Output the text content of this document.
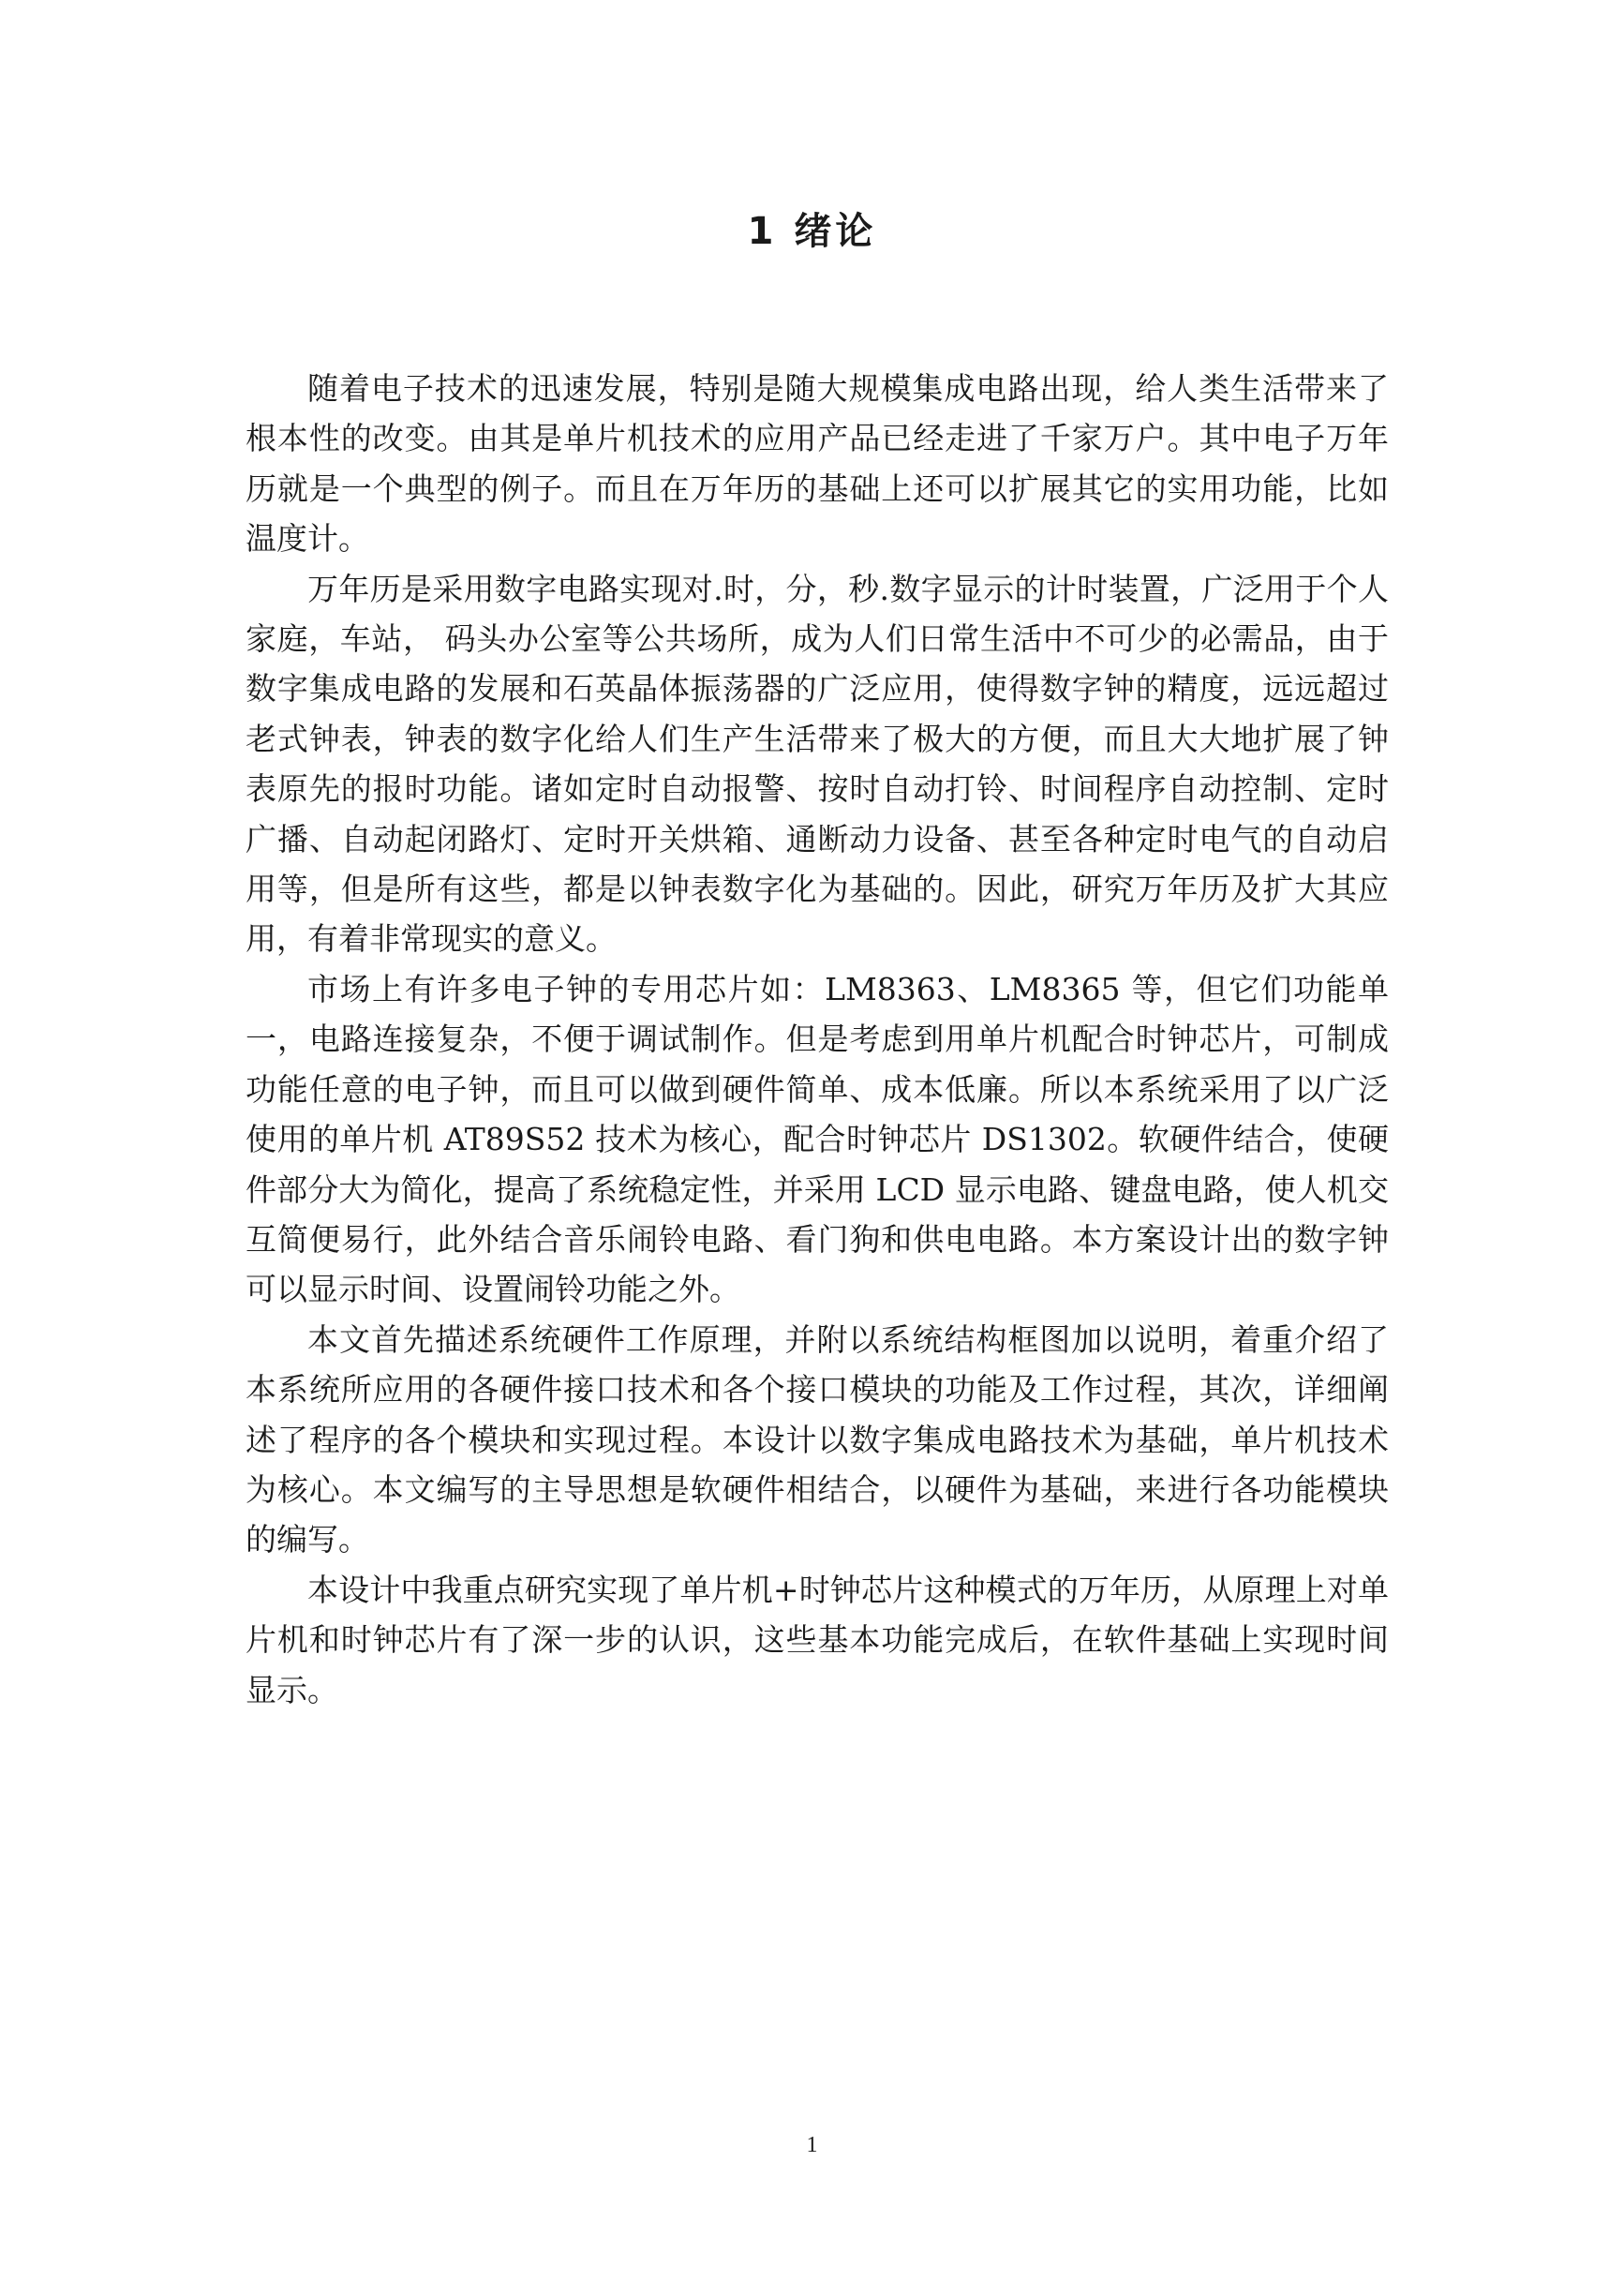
1 绪论

随着电子技术的迅速发展，特别是随大规模集成电路出现，给人类生活带来了根本性的改变。由其是单片机技术的应用产品已经走进了千家万户。其中电子万年历就是一个典型的例子。而且在万年历的基础上还可以扩展其它的实用功能，比如温度计。

万年历是采用数字电路实现对.时，分，秒.数字显示的计时装置，广泛用于个人家庭，车站， 码头办公室等公共场所，成为人们日常生活中不可少的必需品，由于数字集成电路的发展和石英晶体振荡器的广泛应用，使得数字钟的精度，远远超过老式钟表，钟表的数字化给人们生产生活带来了极大的方便，而且大大地扩展了钟表原先的报时功能。诸如定时自动报警、按时自动打铃、时间程序自动控制、定时广播、自动起闭路灯、定时开关烘箱、通断动力设备、甚至各种定时电气的自动启用等，但是所有这些，都是以钟表数字化为基础的。因此，研究万年历及扩大其应用，有着非常现实的意义。

市场上有许多电子钟的专用芯片如：LM8363、LM8365 等，但它们功能单一，电路连接复杂，不便于调试制作。但是考虑到用单片机配合时钟芯片，可制成功能任意的电子钟，而且可以做到硬件简单、成本低廉。所以本系统采用了以广泛使用的单片机 AT89S52 技术为核心，配合时钟芯片 DS1302。软硬件结合，使硬件部分大为简化，提高了系统稳定性，并采用 LCD 显示电路、键盘电路，使人机交互简便易行，此外结合音乐闹铃电路、看门狗和供电电路。本方案设计出的数字钟可以显示时间、设置闹铃功能之外。

本文首先描述系统硬件工作原理，并附以系统结构框图加以说明，着重介绍了本系统所应用的各硬件接口技术和各个接口模块的功能及工作过程，其次，详细阐述了程序的各个模块和实现过程。本设计以数字集成电路技术为基础，单片机技术为核心。本文编写的主导思想是软硬件相结合，以硬件为基础，来进行各功能模块的编写。

本设计中我重点研究实现了单片机+时钟芯片这种模式的万年历，从原理上对单片机和时钟芯片有了深一步的认识，这些基本功能完成后，在软件基础上实现时间显示。

1
